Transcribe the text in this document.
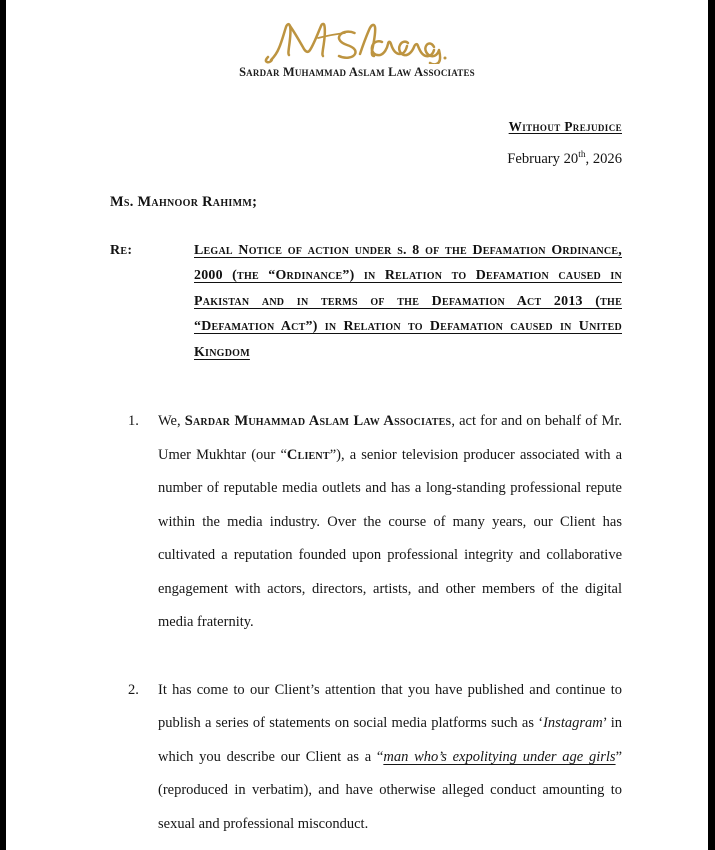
Sardar Muhammad Aslam Law Associates
Without Prejudice
February 20th, 2026
Ms. Mahnoor Rahimm;
Re:	Legal Notice of action under s. 8 of the Defamation Ordinance, 2000 (the “Ordinance”) in Relation to Defamation caused in Pakistan and in terms of the Defamation Act 2013 (the “Defamation Act”) in Relation to Defamation caused in United Kingdom
We, Sardar Muhammad Aslam Law Associates, act for and on behalf of Mr. Umer Mukhtar (our “Client”), a senior television producer associated with a number of reputable media outlets and has a long-standing professional repute within the media industry. Over the course of many years, our Client has cultivated a reputation founded upon professional integrity and collaborative engagement with actors, directors, artists, and other members of the digital media fraternity.
It has come to our Client’s attention that you have published and continue to publish a series of statements on social media platforms such as ‘Instagram’ in which you describe our Client as a “man who’s expolitying under age girls” (reproduced in verbatim), and have otherwise alleged conduct amounting to sexual and professional misconduct.
